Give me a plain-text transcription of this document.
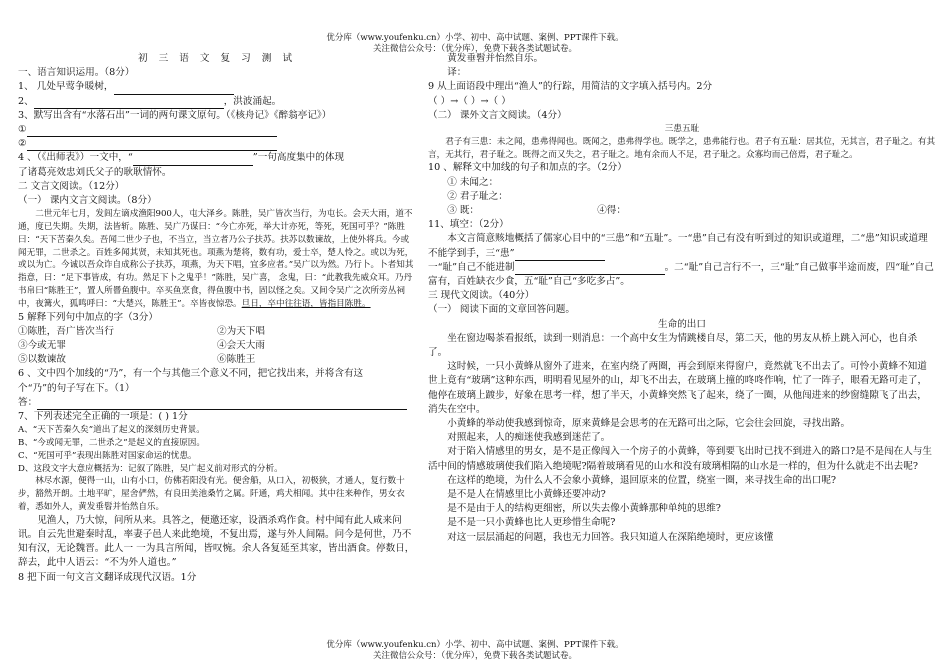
优分库（www.youfenku.cn）小学、初中、高中试题、案例、PPT课件下载。
关注微信公众号：（优分库），免费下载各类试题试卷。

初 三 语 文 复 习 测 试

一、语言知识运用。（8分）

1、 几处早莺争暖树，

2、	，洪波涌起。

3、默写出含有“水落石出”一词的两句课文原句。（《核舟记》《醉翁亭记》）

①

②

4 、（《出师表》）一文中，“	”一句高度集中的体现

了诸葛亮效忠刘氏父子的耿耿情怀。

二 文言文阅读。（12分）

（一） 课内文言文阅读。（8分）

二世元年七月，发闾左谪戍渔阳900人，屯大泽乡。陈胜，吴广皆次当行，为屯长。会天大雨，道不通，度已失期。失期，法皆斩。陈胜、吴广乃谋曰：“今亡亦死，举大计亦死，等死，死国可乎？”陈胜曰：“天下苦秦久矣。吾闻二世少子也，不当立，当立者乃公子扶苏。扶苏以数谏故，上使外将兵。今或闻无罪，二世杀之。百姓多闻其贤，未知其死也。项燕为楚将，数有功，爱士卒，楚人怜之。或以为死，或以为亡。今诚以吾众诈自成称公子扶苏，项燕，为天下唱，宜多应者。”吴广以为然。乃行卜。卜者知其指意，曰：“足下事皆成，有功。然足下卜之鬼乎！”陈胜，吴广喜， 念鬼，曰：“此教我先威众耳。乃丹书帛曰“陈胜王”，置人所罾鱼腹中。卒买鱼烹食，得鱼腹中书，固以怪之矣。又间令吴广之次所旁丛祠中，夜篝火，狐鸣呼曰：“大楚兴，陈胜王”。卒皆夜惊恐。旦日，卒中往往语，皆指目陈胜。

5 解释下列句中加点的字（3分）

①陈胜，吾广皆次当行	②为天下唱
③今或无罪	④会天大雨
⑤以数谏故	⑥陈胜王

6 、文中四个加线的“乃”，有一个与其他三个意义不同，把它找出来，并将含有这

个“乃”的句子写在下。（1）

答：

7、下列表述完全正确的一项是：( ) 1分

A、“天下苦秦久矣”道出了起义的深刻历史背景。

B、“今或闻无罪，二世杀之”是起义的直接原因。

C、“死国可乎”表现出陈胜对国家命运的忧患。

D、这段文字大意应概括为：记叙了陈胜，吴广起义前对形式的分析。

林尽水源，便得一山，山有小口，仿佛若阳没有光。便舍船，从口入，初极狭，才通人，复行数十步，豁然开朗。土地平旷，屋舍俨然，有良田美池桑竹之属。阡通，鸡犬相闻。其中往来种作，男女衣着，悉如外人，黄发垂髫并怡然自乐。

见渔人，乃大惊，问所从来。具答之，便邀还家，设酒杀鸡作食。村中闻有此人咸来问讯。自云先世避秦时乱，率妻子邑人来此绝境，不复出焉，遂与外人间隔。问今是何世，乃不知有汉，无论魏晋。此人一 一为具言所闻，皆叹惋。余人各复延至其家，皆出酒食。停数日，辞去，此中人语云：“不为外人道也。”

8 把下面一句文言文翻译成现代汉语。1分

黄发垂髫并怡然自乐。

译：

9 从上面语段中理出“渔人”的行踪，用简洁的文字填入括号内。2分

（ ）→（ ）→（ ）

（二） 课外文言文阅读。（4分）

三患五耻

君子有三患：未之闻，患弗得闻也。既闻之，患弗得学也。既学之，患弗能行也。君子有五耻：居其位，无其言，君子耻之。有其言，无其行，君子耻之。既得之而又失之，君子耻之。地有余而人不足，君子耻之。众寡均而己倍焉，君子耻之。

10 、解释文中加线的句子和加点的字。（2分）

① 未闻之：

② 君子耻之：

③ 既：	④得：

11、填空：（2分）

本文言简意赅地概括了儒家心目中的“三患”和“五耻”。一“患”自己有没有听到过的知识或道理，二“患”知识或道理不能学到手，三“患”

一“耻”自己不能进制	。二“耻”自己言行不一，三“耻”自己做事半途而废，四“耻”自己富有，百姓缺衣少食，五“耻”自己“多吃多占”。

三 现代文阅读。（40分）

（一） 阅读下面的文章回答问题。

生命的出口

坐在窗边喝茶看报纸，读到一则消息：一个高中女生为情跳楼自尽，第二天，他的男友从桥上跳入河心，也自杀了。

这时候，一只小黄蜂从窗外了进来，在室内绕了两圈，再会到原来得窗户，竟然就飞不出去了。可怜小黄蜂不知道世上竟有“玻璃”这种东西，明明看见屋外的山，却飞不出去，在玻璃上撞的咚咚作响，忙了一阵子，眼看无路可走了，他停在玻璃上踱步，好象在思考一样，想了半天，小黄蜂突然飞了起来，绕了一圈，从他闯进来的纱窗缝隙飞了出去，消失在空中。

小黄蜂的举动使我感到惊奇，原来黄蜂是会思考的在无路可出之际，它会往会回旋，寻找出路。

对照起来，人的痴迷使我感到迷茫了。

对于陷入情感里的男女，是不是正像闯入一个房子的小黄蜂，等到要飞出时已找不到进入的路口?是不是闯在人与生活中间的情感玻璃使我们陷入绝境呢?隔着玻璃看见的山水和没有玻璃相隔的山水是一样的，但为什么就走不出去呢?

在这样的绝境，为什么人不会象小黄蜂，退回原来的位置，绕室一圈，来寻找生命的出口呢?

是不是人在情感里比小黄蜂还要冲动?

是不是由于人的结构更细密，所以失去像小黄蜂那种单纯的思维?

是不是一只小黄蜂也比人更珍惜生命呢?

对这一层层涌起的问题，我也无力回答。我只知道人在深陷绝境时，更应该懂

优分库（www.youfenku.cn）小学、初中、高中试题、案例、PPT课件下载。
关注微信公众号：（优分库），免费下载各类试题试卷。
